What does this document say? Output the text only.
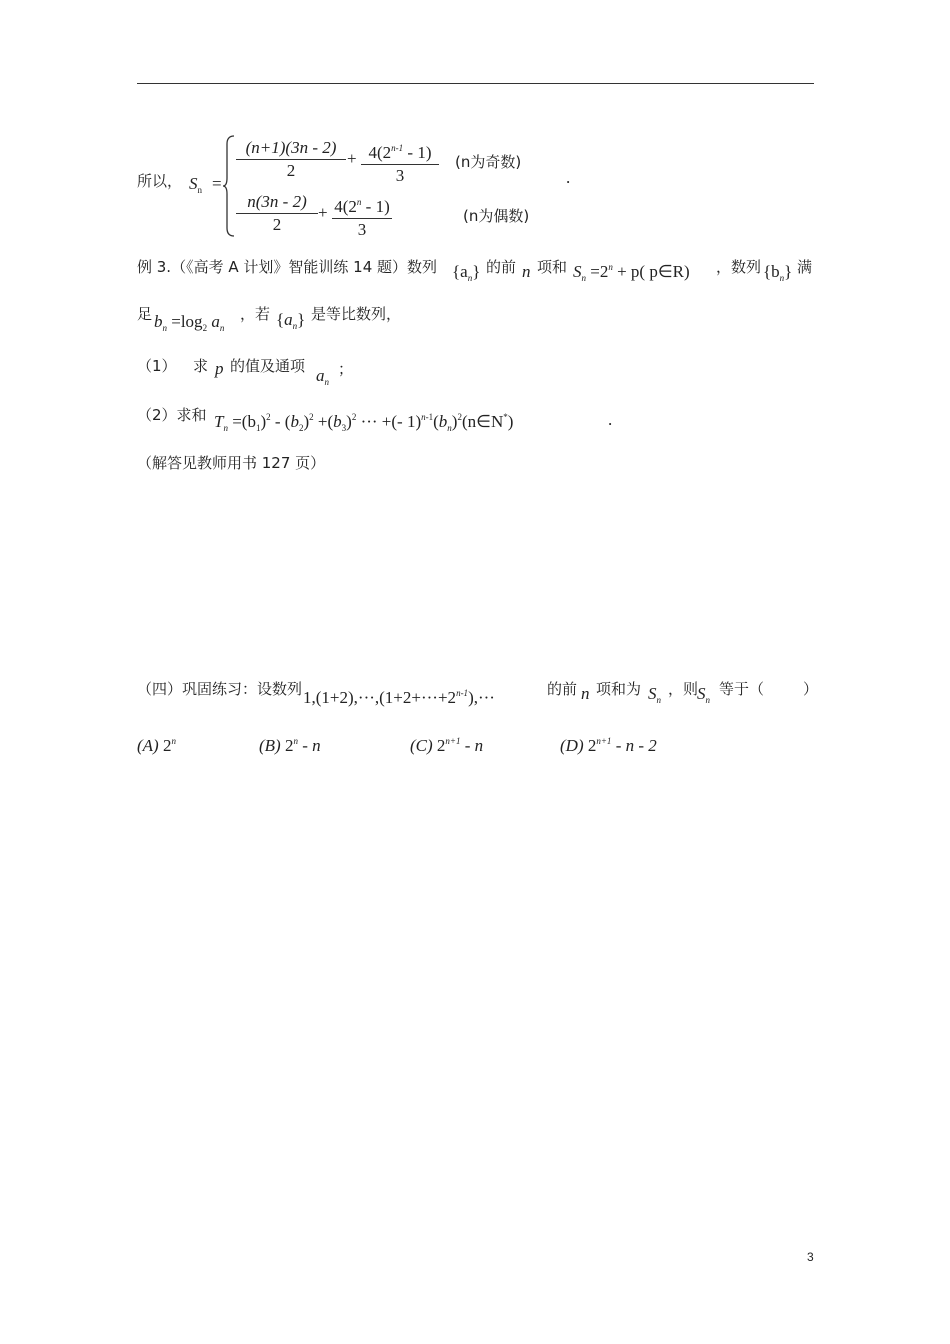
所以， $S_n$ =
(n+1)(3n - 2)
2
+ $4(2^{n-1} - 1)$
3
(n为奇数)
n(3n - 2)
2
+ $4(2^n - 1)$
3
(n为偶数)
.
例 3.（《高考 A 计划》智能训练 14 题）数列 $\{a_n\}$ 的前 n 项和 $S_n =2^n + p$( p∈R) ，数列 $\{b_n\}$ 满
足 $b_n =\log_2$ $a_n$
，若 $\{a_n\}$ 是等比数列，
（1） 求 p 的值及通项 $a_n$
；
（2）求和 $T_n =(b_1)^2 - (b_2)^2 +(b_3)^2$ ··· +(- $1)^{n-1}(b_n)^2(n\in N^*)$	.
（解答见教师用书 127 页）
（四）巩固练习：设数列 $1,(1+2),\cdot\cdot\cdot,(1+2+\cdot\cdot\cdot+2^{n-1}),\cdot\cdot\cdot$	的前 n 项和为 $S_n$
，则
$S_n$
等于（	）
(A) 2$^n$	(B) 2$^n$ - n	(C) $2^{n+1}$ - n	(D) $2^{n+1}$ - n - 2
3
